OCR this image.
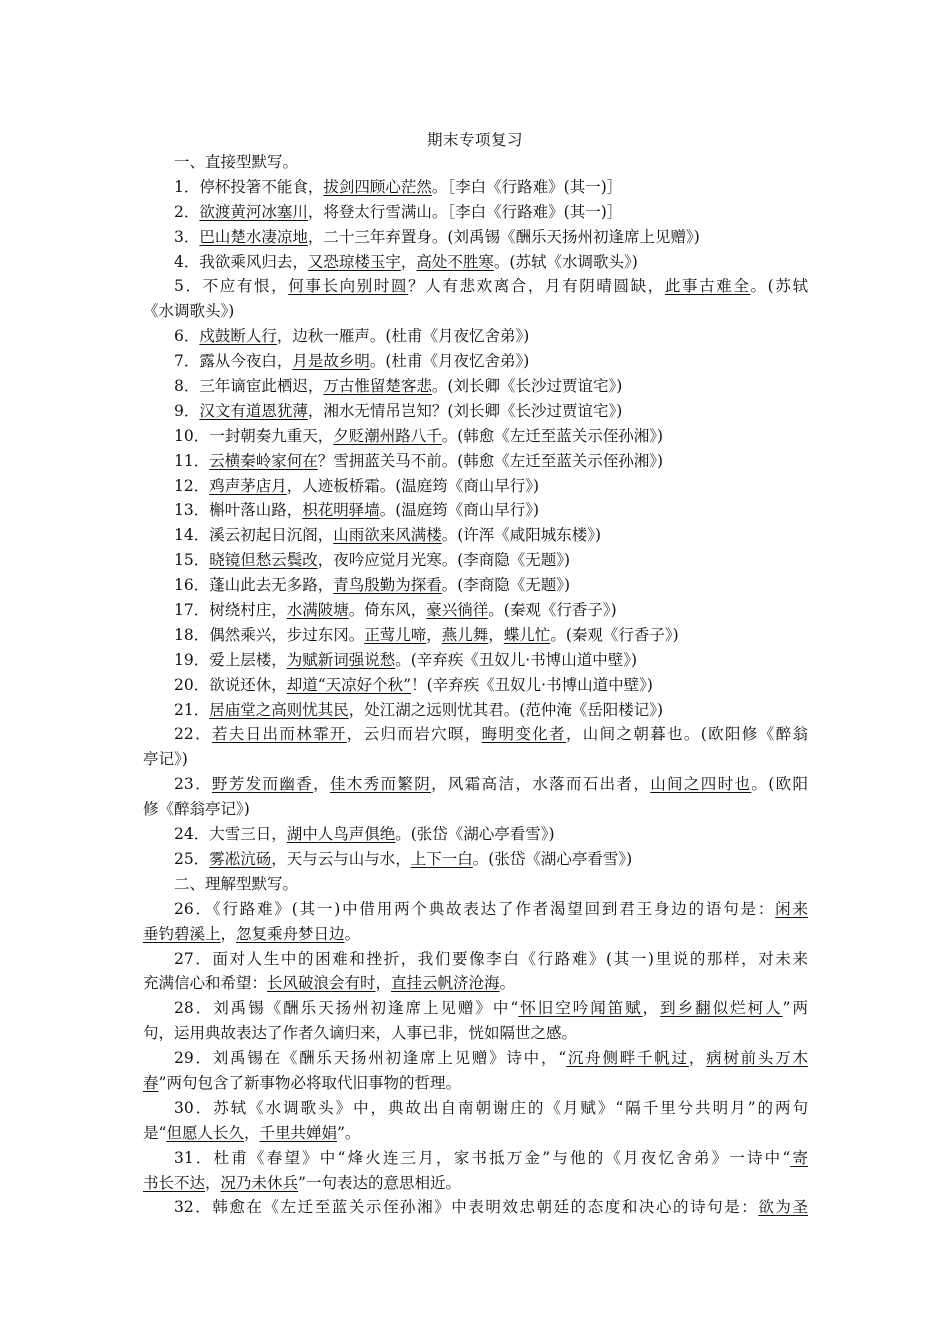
期末专项复习
一、直接型默写。
1．停杯投箸不能食，拔剑四顾心茫然。［李白《行路难》(其一)］
2．欲渡黄河冰塞川，将登太行雪满山。［李白《行路难》(其一)］
3．巴山楚水凄凉地，二十三年弃置身。(刘禹锡《酬乐天扬州初逢席上见赠》)
4．我欲乘风归去，又恐琼楼玉宇，高处不胜寒。(苏轼《水调歌头》)
5．不应有恨，何事长向别时圆？人有悲欢离合，月有阴晴圆缺，此事古难全。(苏轼
《水调歌头》)
6．戍鼓断人行，边秋一雁声。(杜甫《月夜忆舍弟》)
7．露从今夜白，月是故乡明。(杜甫《月夜忆舍弟》)
8．三年谪宦此栖迟，万古惟留楚客悲。(刘长卿《长沙过贾谊宅》)
9．汉文有道恩犹薄，湘水无情吊岂知？(刘长卿《长沙过贾谊宅》)
10．一封朝奏九重天，夕贬潮州路八千。(韩愈《左迁至蓝关示侄孙湘》)
11．云横秦岭家何在？雪拥蓝关马不前。(韩愈《左迁至蓝关示侄孙湘》)
12．鸡声茅店月，人迹板桥霜。(温庭筠《商山早行》)
13．槲叶落山路，枳花明驿墙。(温庭筠《商山早行》)
14．溪云初起日沉阁，山雨欲来风满楼。(许浑《咸阳城东楼》)
15．晓镜但愁云鬓改，夜吟应觉月光寒。(李商隐《无题》)
16．蓬山此去无多路，青鸟殷勤为探看。(李商隐《无题》)
17．树绕村庄，水满陂塘。倚东风，豪兴徜徉。(秦观《行香子》)
18．偶然乘兴，步过东冈。正莺儿啼，燕儿舞，蝶儿忙。(秦观《行香子》)
19．爱上层楼，为赋新词强说愁。(辛弃疾《丑奴儿·书博山道中壁》)
20．欲说还休，却道“天凉好个秋”！(辛弃疾《丑奴儿·书博山道中壁》)
21．居庙堂之高则忧其民，处江湖之远则忧其君。(范仲淹《岳阳楼记》)
22．若夫日出而林霏开，云归而岩穴暝，晦明变化者，山间之朝暮也。(欧阳修《醉翁
亭记》)
23．野芳发而幽香，佳木秀而繁阴，风霜高洁，水落而石出者，山间之四时也。(欧阳
修《醉翁亭记》)
24．大雪三日，湖中人鸟声俱绝。(张岱《湖心亭看雪》)
25．雾凇沆砀，天与云与山与水，上下一白。(张岱《湖心亭看雪》)
二、理解型默写。
26．《行路难》(其一)中借用两个典故表达了作者渴望回到君王身边的语句是：闲来
垂钓碧溪上，忽复乘舟梦日边。
27．面对人生中的困难和挫折，我们要像李白《行路难》(其一)里说的那样，对未来
充满信心和希望：长风破浪会有时，直挂云帆济沧海。
28．刘禹锡《酬乐天扬州初逢席上见赠》中“怀旧空吟闻笛赋，到乡翻似烂柯人”两
句，运用典故表达了作者久谪归来，人事已非，恍如隔世之感。
29．刘禹锡在《酬乐天扬州初逢席上见赠》诗中，“沉舟侧畔千帆过，病树前头万木
春”两句包含了新事物必将取代旧事物的哲理。
30．苏轼《水调歌头》中，典故出自南朝谢庄的《月赋》“隔千里兮共明月”的两句
是“但愿人长久，千里共婵娟”。
31．杜甫《春望》中“烽火连三月，家书抵万金”与他的《月夜忆舍弟》一诗中“寄
书长不达，况乃未休兵”一句表达的意思相近。
32．韩愈在《左迁至蓝关示侄孙湘》中表明效忠朝廷的态度和决心的诗句是：欲为圣
